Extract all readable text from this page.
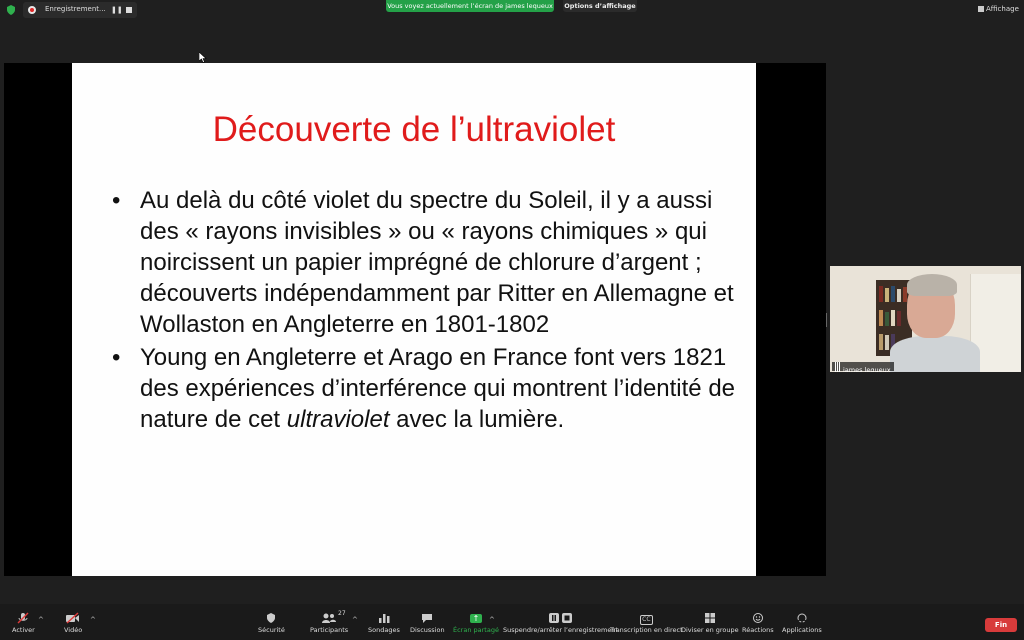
Enregistrement... ❚❚	Vous voyez actuellement l’écran de james lequeux Options d’affichage	Affichage
Découverte de l’ultraviolet
• Au delà du côté violet du spectre du Soleil, il y a aussi des « rayons invisibles » ou « rayons chimiques » qui noircissent un papier imprégné de chlorure d’argent ; découverts indépendamment par Ritter en Allemagne et Wollaston en Angleterre en 1801-1802
• Young en Angleterre et Arago en France font vers 1821 des expériences d’interférence qui montrent l’identité de nature de cet ultraviolet avec la lumière.
james lequeux
Activer
^
Vidéo
^
Sécurité
27
Participants
^
Sondages Discussion
↑
Écran partagé
^
Suspendre/arrêter l’enregistrement
CC
Transcription en direct
Diviser en groupe Réactions Applications
Fin
